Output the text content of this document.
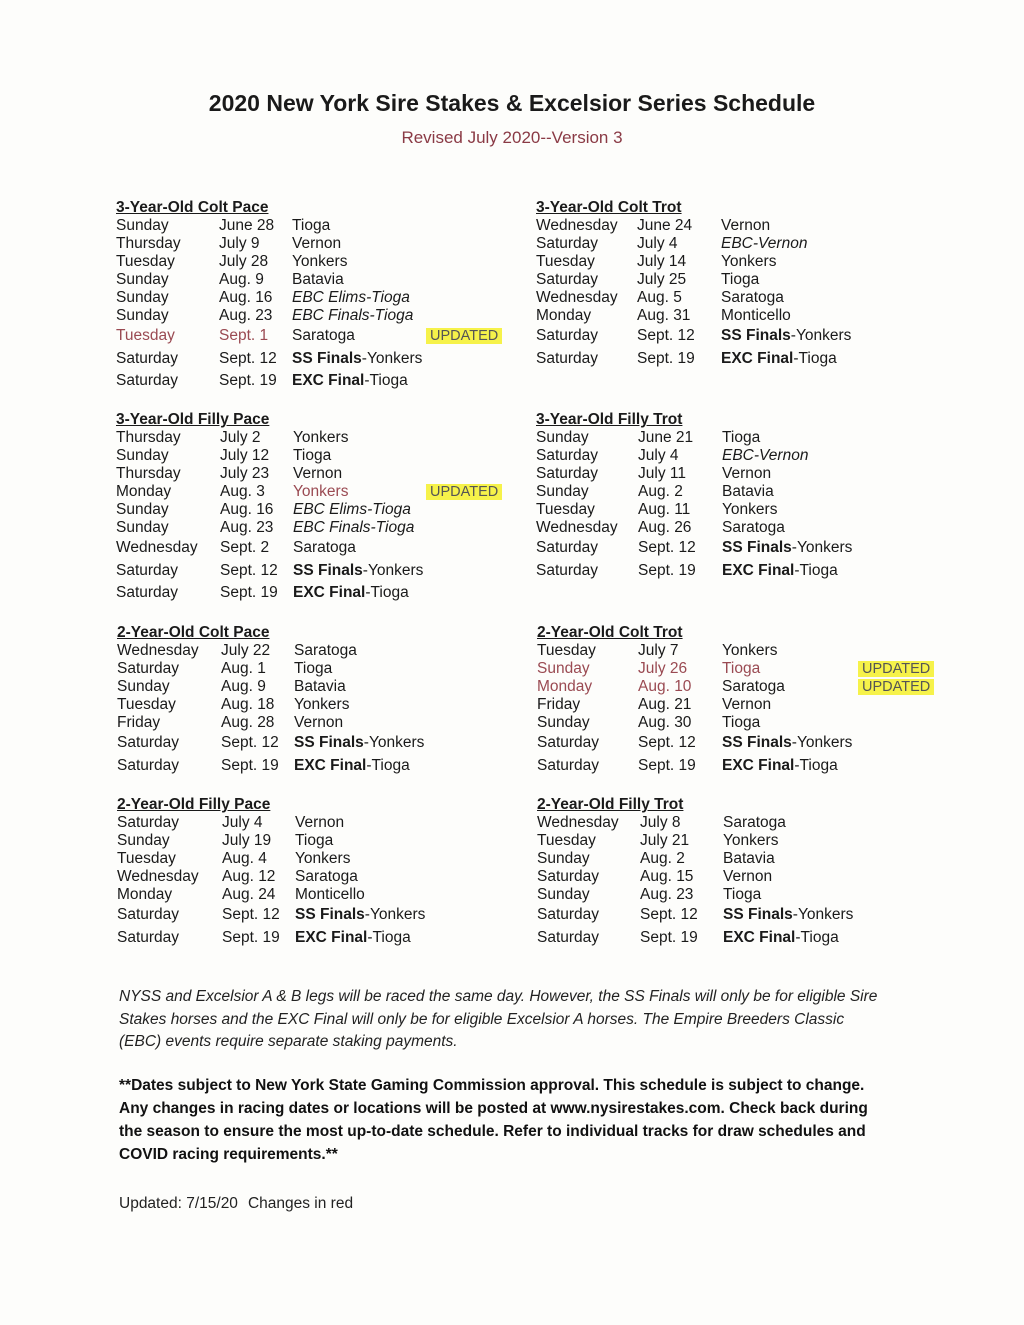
2020 New York Sire Stakes & Excelsior Series Schedule
Revised July 2020--Version 3
3-Year-Old Colt Pace
Sunday	June 28 Tioga
Thursday July 9 Vernon
Tuesday	July 28 Yonkers
Sunday	Aug. 9 Batavia
Sunday	Aug. 16 EBC Elims-Tioga
Sunday	Aug. 23 EBC Finals-Tioga
Tuesday	Sept. 1 Saratoga	UPDATED
Saturday	Sept. 12 SS Finals-Yonkers
Saturday	Sept. 19 EXC Final-Tioga
3-Year-Old Colt Trot
Wednesday June 24 Vernon
Saturday	July 4	EBC-Vernon
Tuesday	July 14 Yonkers
Saturday	July 25 Tioga
Wednesday Aug. 5	Saratoga
Monday	Aug. 31 Monticello
Saturday	Sept. 12 SS Finals-Yonkers
Saturday	Sept. 19 EXC Final-Tioga
3-Year-Old Filly Pace
Thursday	July 2 Yonkers
Sunday	July 12 Tioga
Thursday	July 23 Vernon
Monday	Aug. 3 Yonkers	UPDATED
Sunday	Aug. 16 EBC Elims-Tioga
Sunday	Aug. 23 EBC Finals-Tioga
Wednesday Sept. 2 Saratoga
Saturday	Sept. 12 SS Finals-Yonkers
Saturday	Sept. 19 EXC Final-Tioga
3-Year-Old Filly Trot
Sunday	June 21 Tioga
Saturday	July 4	EBC-Vernon
Saturday	July 11 Vernon
Sunday	Aug. 2	Batavia
Tuesday	Aug. 11 Yonkers
Wednesday Aug. 26 Saratoga
Saturday	Sept. 12 SS Finals-Yonkers
Saturday	Sept. 19 EXC Final-Tioga
2-Year-Old Colt Pace
Wednesday July 22 Saratoga
Saturday	Aug. 1 Tioga
Sunday	Aug. 9 Batavia
Tuesday	Aug. 18 Yonkers
Friday	Aug. 28 Vernon
Saturday	Sept. 12 SS Finals-Yonkers
Saturday	Sept. 19 EXC Final-Tioga
2-Year-Old Colt Trot
Tuesday	July 7	Yonkers
Sunday	July 26 Tioga	UPDATED
Monday	Aug. 10 Saratoga	UPDATED
Friday	Aug. 21 Vernon
Sunday	Aug. 30 Tioga
Saturday	Sept. 12 SS Finals-Yonkers
Saturday	Sept. 19 EXC Final-Tioga
2-Year-Old Filly Pace
Saturday	July 4 Vernon
Sunday	July 19 Tioga
Tuesday	Aug. 4 Yonkers
Wednesday Aug. 12 Saratoga
Monday	Aug. 24 Monticello
Saturday	Sept. 12 SS Finals-Yonkers
Saturday	Sept. 19 EXC Final-Tioga
2-Year-Old Filly Trot
Wednesday July 8	Saratoga
Tuesday	July 21 Yonkers
Sunday	Aug. 2 Batavia
Saturday	Aug. 15 Vernon
Sunday	Aug. 23 Tioga
Saturday	Sept. 12 SS Finals-Yonkers
Saturday	Sept. 19 EXC Final-Tioga
NYSS and Excelsior A & B legs will be raced the same day. However, the SS Finals will only be for eligible Sire Stakes horses and the EXC Final will only be for eligible Excelsior A horses. The Empire Breeders Classic (EBC) events require separate staking payments.
**Dates subject to New York State Gaming Commission approval. This schedule is subject to change. Any changes in racing dates or locations will be posted at www.nysirestakes.com. Check back during the season to ensure the most up-to-date schedule. Refer to individual tracks for draw schedules and COVID racing requirements.**
Updated: 7/15/20 Changes in red
